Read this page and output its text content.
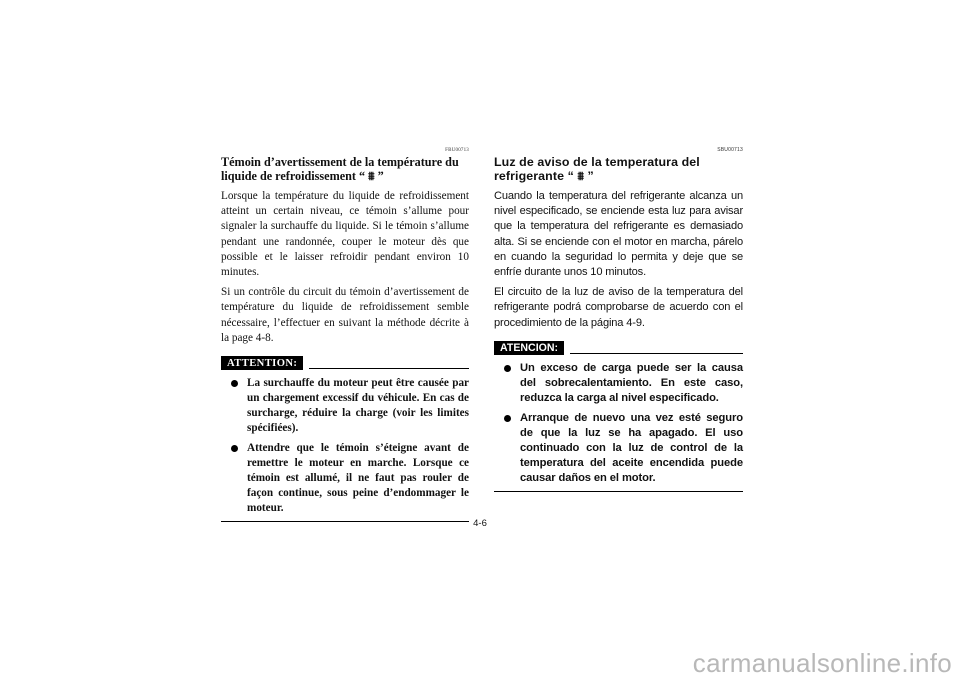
FBU00713
Témoin d’avertissement de la température du liquide de refroidissement “ ⩩ ”

Lorsque la température du liquide de refroidissement atteint un certain niveau, ce témoin s’allume pour signaler la surchauffe du liquide. Si le témoin s’allume pendant une randonnée, couper le moteur dès que possible et le laisser refroidir pendant environ 10 minutes.

Si un contrôle du circuit du témoin d’avertissement de température du liquide de refroidissement semble nécessaire, l’effectuer en suivant la méthode décrite à la page 4-8.

ATTENTION:
La surchauffe du moteur peut être causée par un chargement excessif du véhicule. En cas de surcharge, réduire la charge (voir les limites spécifiées).
Attendre que le témoin s’éteigne avant de remettre le moteur en marche. Lorsque ce témoin est allumé, il ne faut pas rouler de façon continue, sous peine d’endommager le moteur.
SBU00713
Luz de aviso de la temperatura del refrigerante “ ⩩ ”

Cuando la temperatura del refrigerante alcanza un nivel especificado, se enciende esta luz para avisar que la temperatura del refrigerante es demasiado alta. Si se enciende con el motor en marcha, párelo en cuando la seguridad lo permita y deje que se enfríe durante unos 10 minutos.

El circuito de la luz de aviso de la temperatura del refrigerante podrá comprobarse de acuerdo con el procedimiento de la página 4-9.

ATENCION:
Un exceso de carga puede ser la causa del sobrecalentamiento. En este caso, reduzca la carga al nivel especificado.
Arranque de nuevo una vez esté seguro de que la luz se ha apagado. El uso continuado con la luz de control de la temperatura del aceite encendida puede causar daños en el motor.
4-6
carmanualsonline.info
